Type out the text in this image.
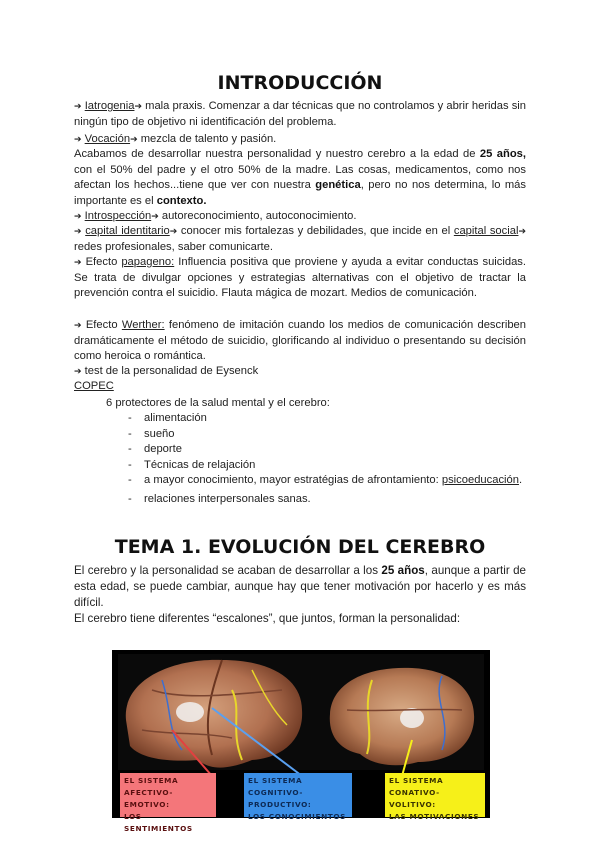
INTRODUCCIÓN
➔ Iatrogenia➔ mala praxis. Comenzar a dar técnicas que no controlamos y abrir heridas sin ningún tipo de objetivo ni identificación del problema.
➔ Vocación➔ mezcla de talento y pasión.
Acabamos de desarrollar nuestra personalidad y nuestro cerebro a la edad de 25 años, con el 50% del padre y el otro 50% de la madre. Las cosas, medicamentos, como nos afectan los hechos...tiene que ver con nuestra genética, pero no nos determina, lo más importante es el contexto.
➔ Introspección➔ autoreconocimiento, autoconocimiento.
➔ capital identitario➔ conocer mis fortalezas y debilidades, que incide en el capital social➔ redes profesionales, saber comunicarte.
➔ Efecto papageno: Influencia positiva que proviene y ayuda a evitar conductas suicidas. Se trata de divulgar opciones y estrategias alternativas con el objetivo de tractar la prevención contra el suicidio. Flauta mágica de mozart. Medios de comunicación.
➔ Efecto Werther: fenómeno de imitación cuando los medios de comunicación describen dramáticamente el método de suicidio, glorificando al individuo o presentando su decisión como heroica o romántica.
➔ test de la personalidad de Eysenck
COPEC
6 protectores de la salud mental y el cerebro:
- alimentación
- sueño
- deporte
- Técnicas de relajación
- a mayor conocimiento, mayor estratégias de afrontamiento: psicoeducación.
- relaciones interpersonales sanas.
TEMA 1. EVOLUCIÓN DEL CEREBRO
El cerebro y la personalidad se acaban de desarrollar a los 25 años, aunque a partir de esta edad, se puede cambiar, aunque hay que tener motivación por hacerlo y es más difícil.
El cerebro tiene diferentes “escalones”, que juntos, forman la personalidad:
EL SISTEMA
AFECTIVO-EMOTIVO:
LOS SENTIMIENTOS
EL SISTEMA
COGNITIVO-PRODUCTIVO:
LOS CONOCIMIENTOS
EL SISTEMA
CONATIVO-VOLITIVO:
LAS MOTIVACIONES
